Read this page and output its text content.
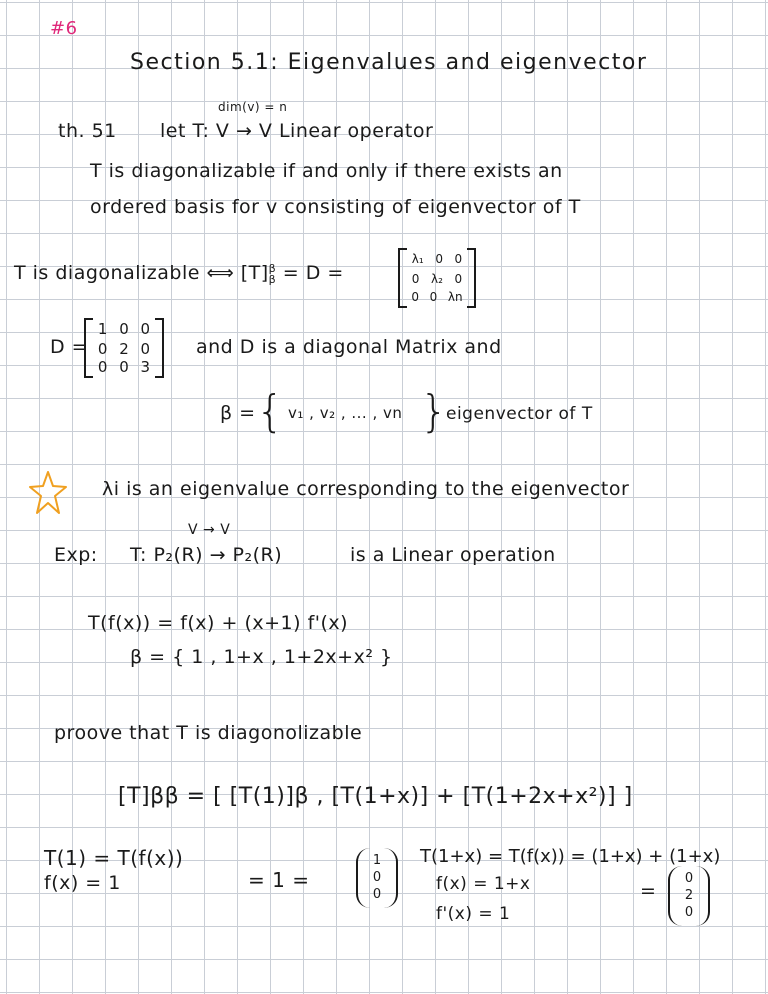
#6
Section 5.1: Eigenvalues and eigenvector
dim(v) = n
th. 51 let T: V → V Linear operator
T is diagonalizable if and only if there exists an
ordered basis for v consisting of eigenvector of T
T is diagonalizable ⟺ [T] β
β = D =
λ₁ 0 0
0 λ₂ 0
0 0 λn
D =
1 0 0
0 2 0
0 0 3
and D is a diagonal Matrix and
β = { v₁ , v₂ , ... , vn }
eigenvector of T
λi is an eigenvalue corresponding to the eigenvector
V → V
Exp: T: P₂(R) → P₂(R)	is a Linear operation
T(f(x)) = f(x) + (x+1) f'(x)
β = { 1 , 1+x , 1+2x+x² }
proove that T is diagonolizable
[T]ββ = [ [T(1)]β , [T(1+x)] + [T(1+2x+x²)] ]
T(1) = T(f(x))
f(x) = 1	= 1 =
1
0
0
T(1+x) = T(f(x)) = (1+x) + (1+x)
f(x) = 1+x
f'(x) = 1
=
0
2
0
